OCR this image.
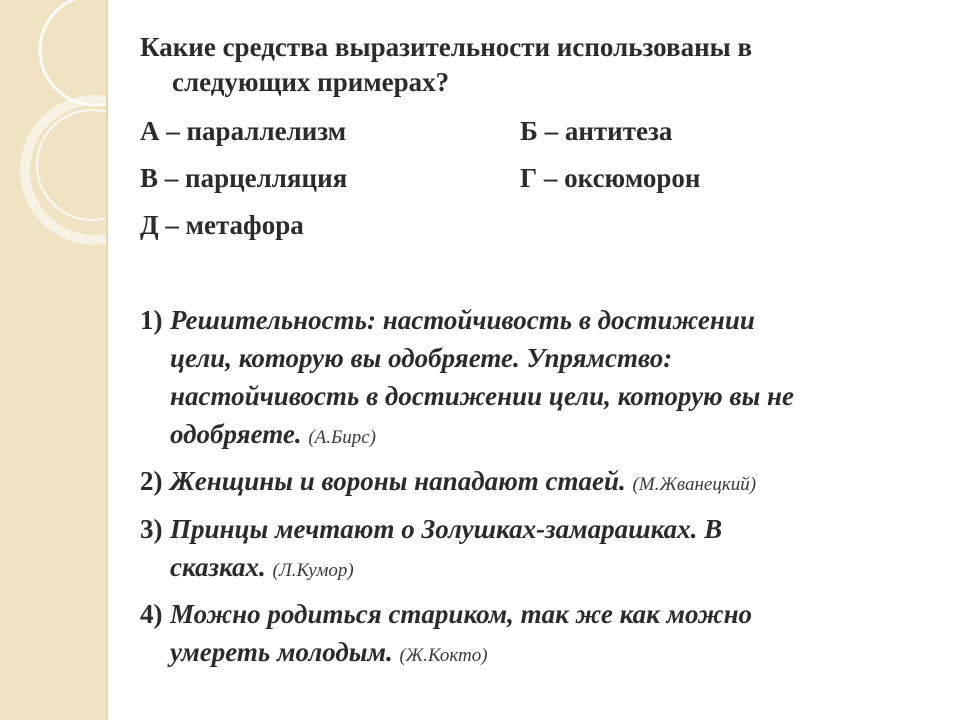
Какие средства выразительности использованы в
следующих примерах?
А – параллелизм	Б – антитеза
В – парцелляция	Г – оксюморон
Д – метафора
1) Решительность: настойчивость в достижении
цели, которую вы одобряете. Упрямство:
настойчивость в достижении цели, которую вы не
одобряете. (А.Бирс)
2) Женщины и вороны нападают стаей. (М.Жванецкий)
3) Принцы мечтают о Золушках-замарашках. В
сказках. (Л.Кумор)
4) Можно родиться стариком, так же как можно
умереть молодым. (Ж.Кокто)
